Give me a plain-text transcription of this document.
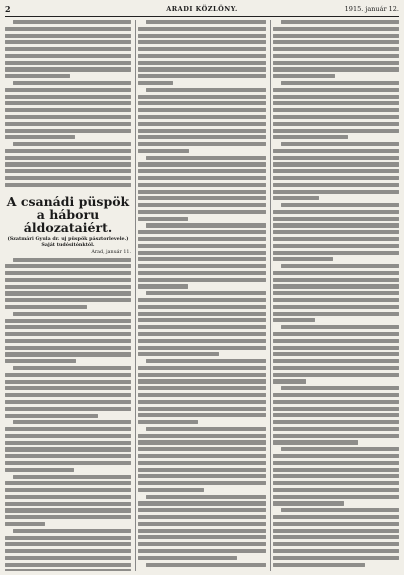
2	ARADI KÖZLÖNY.	1915. január 12.
A csanádi püspök
a háboru áldozataiért.
(Szatmári Gyula dr. uj püspök pásztorlevele.)
Saját tudósitónktól.
Arad, január 11.
